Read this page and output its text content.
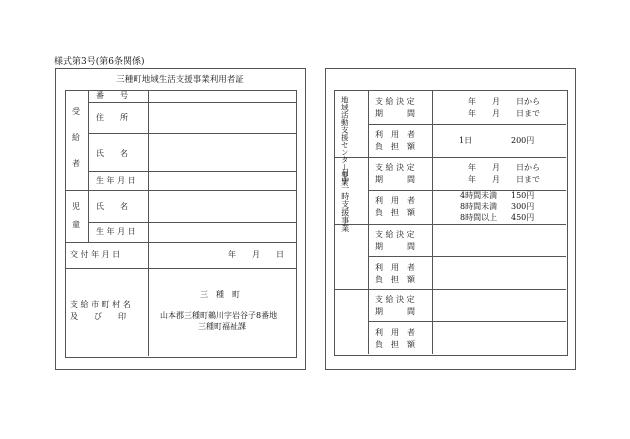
様式第3号(第6条関係)
三種町地域生活支援事業利用者証
受
給
者
番　　号
住　　所
氏　　名
生 年 月 日
児
童
氏　　名
生 年 月 日
交 付 年 月 日	年　　月　　日
支 給 市 町 村 名
及　　び　　印
三　種　町
山本郡三種町鵜川字岩谷子8番地
三種町福祉課
地域活動支援センター事業
日中一時支援事業
支 給 決 定
期　　　間
利　用　者
負　担　額
支 給 決 定
期　　　間
利　用　者
負　担　額
支 給 決 定
期　　　間
利　用　者
負　担　額
支 給 決 定
期　　　間
利　用　者
負　担　額
年　　月　　日から
年　　月　　日まで
1日	200円
年　　月　　日から
年　　月　　日まで
4時間未満 150円
8時間未満 300円
8時間以上 450円
